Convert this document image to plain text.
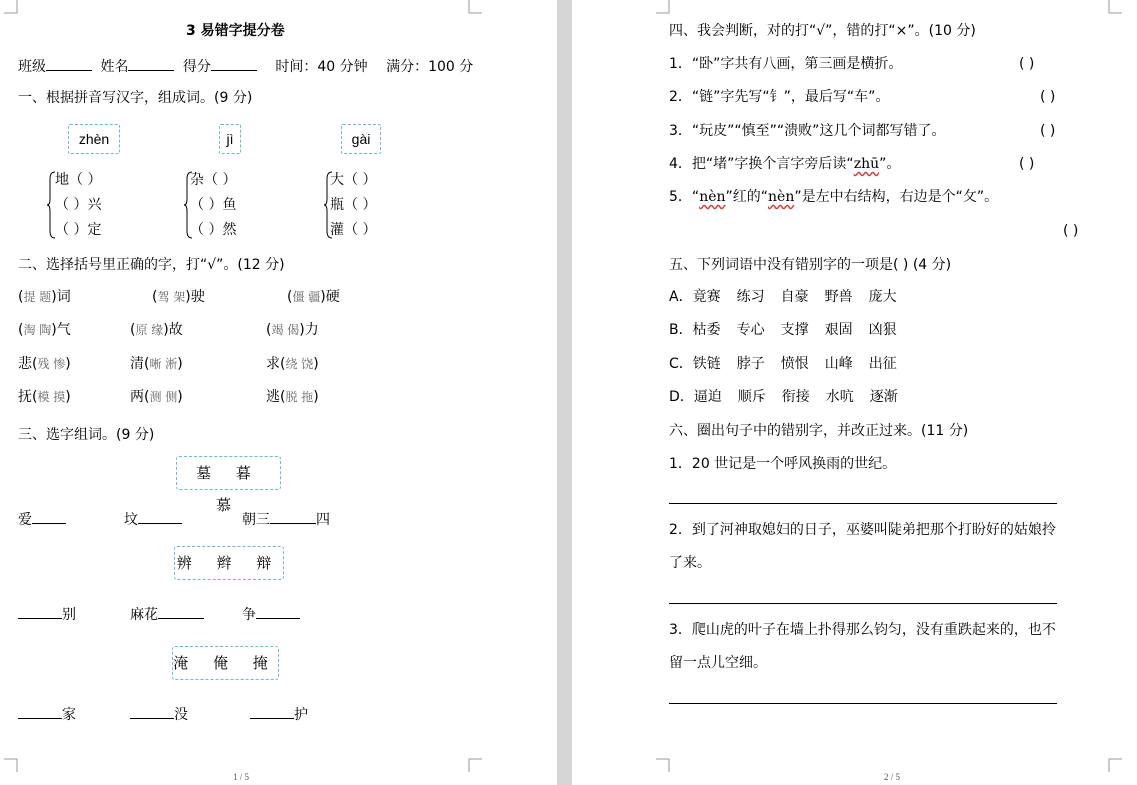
3 易错字提分卷
班级	姓名	得分	时间：40 分钟 满分：100 分
一、根据拼音写汉字，组成词。(9 分)
zhèn	jì	gài
地（ ）
（ ）兴
（ ）定
杂（ ）
（ ）鱼
（ ）然
大（ ）
瓶（ ）
灌（ ）
二、选择括号里正确的字，打“√”。(12 分)
(提 题)词	(驾 架)驶	(僵 疆)硬
(淘 陶)气	(原 缘)故	(竭 偈)力
悲(残 惨)	清(晰 淅)	求(绕 饶)
抚(模 摸)	两(测 侧)	逃(脱 拖)
三、选字组词。(9 分)
墓 暮 慕
爱	坟	朝三	四
辨 辫 辩
别	麻花	争
淹 俺 掩
家	没	护
1 / 5
四、我会判断，对的打“√”，错的打“×”。(10 分)
1．“卧”字共有八画，第三画是横折。	( )
2．“链”字先写“钅”，最后写“车”。	( )
3．“玩皮”“慎至”“溃败”这几个词都写错了。	( )
4．把“堵”字换个言字旁后读“zhū”。	( )
5．“nèn”红的“nèn”是左中右结构，右边是个“攵”。
( )
五、下列词语中没有错别字的一项是( ) (4 分)
A．竟赛 练习 自豪 野兽 庞大
B．枯委 专心 支撑 艰固 凶狠
C．铁链 脖子 愤恨 山峰 出征
D．逼迫 顺斥 衔接 水吭 逐渐
六、圈出句子中的错别字，并改正过来。(11 分)
1．20 世记是一个呼风换雨的世纪。
2．到了河神取媳妇的日子，巫婆叫陡弟把那个打盼好的姑娘拎
了来。
3．爬山虎的叶子在墙上扑得那么钧匀，没有重跌起来的，也不
留一点儿空细。
2 / 5
